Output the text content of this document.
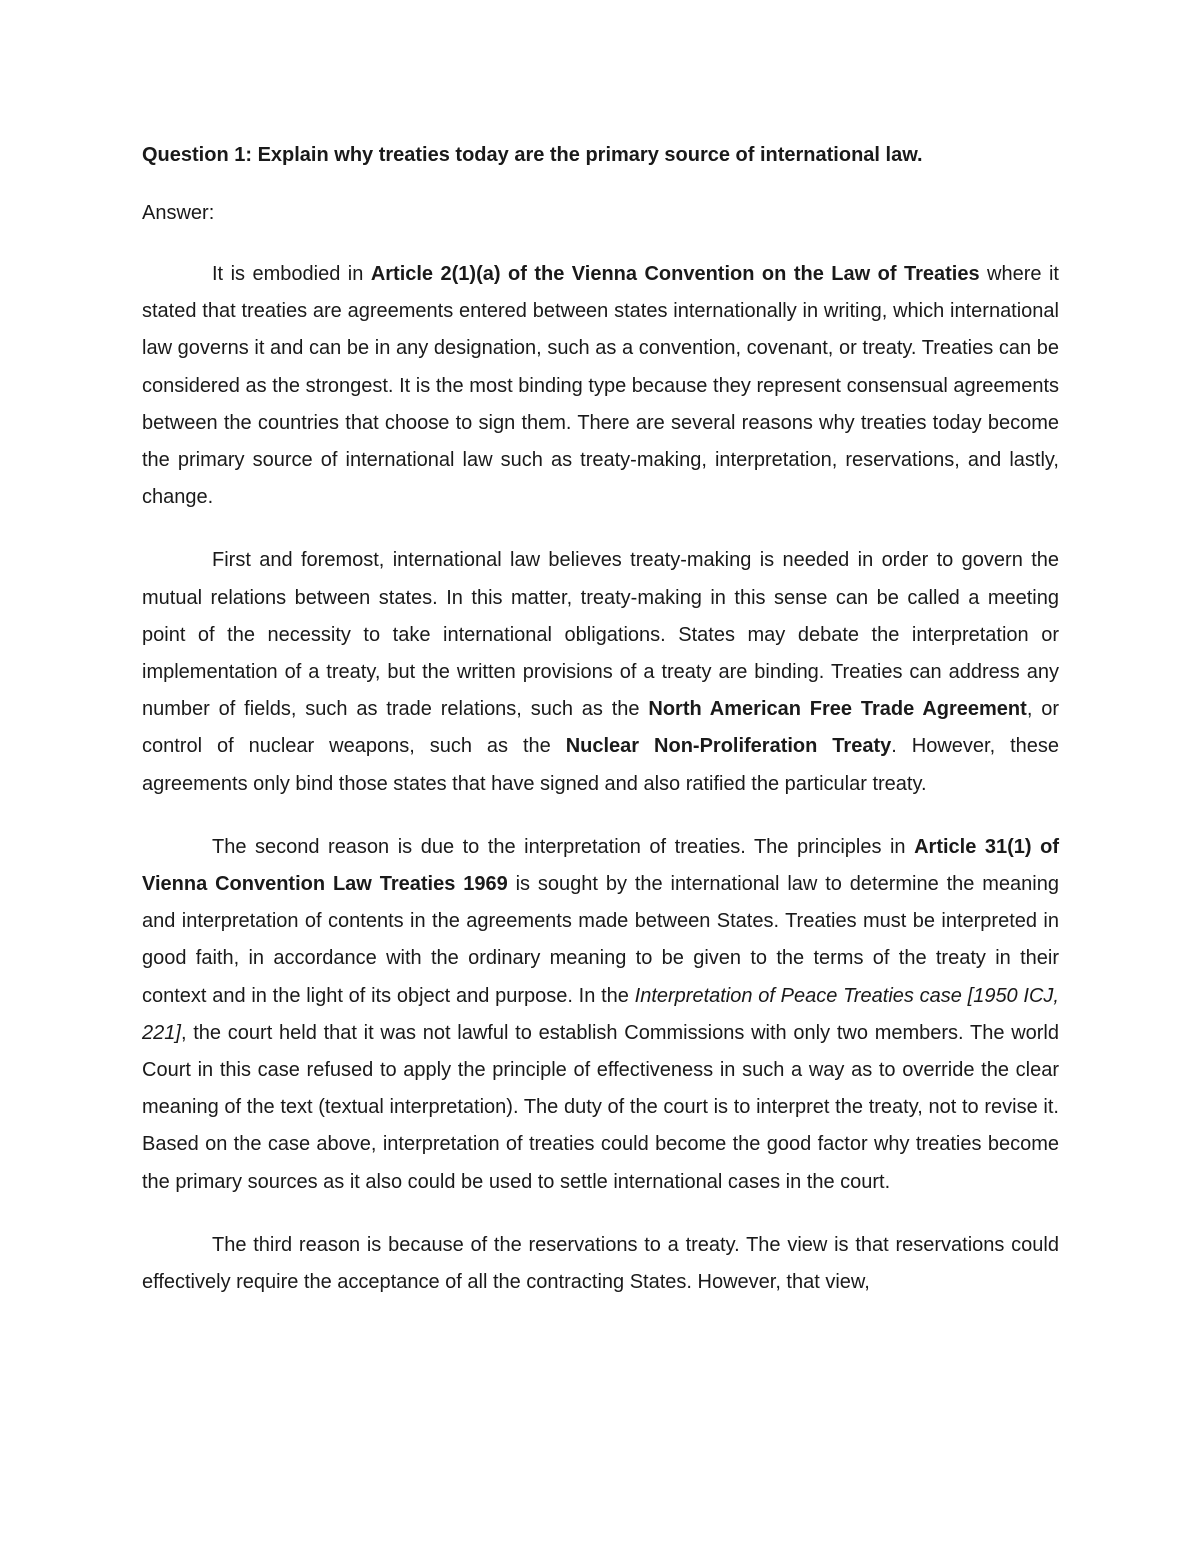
Question 1: Explain why treaties today are the primary source of international law.

Answer:

It is embodied in Article 2(1)(a) of the Vienna Convention on the Law of Treaties where it stated that treaties are agreements entered between states internationally in writing, which international law governs it and can be in any designation, such as a convention, covenant, or treaty. Treaties can be considered as the strongest. It is the most binding type because they represent consensual agreements between the countries that choose to sign them. There are several reasons why treaties today become the primary source of international law such as treaty-making, interpretation, reservations, and lastly, change.

First and foremost, international law believes treaty-making is needed in order to govern the mutual relations between states. In this matter, treaty-making in this sense can be called a meeting point of the necessity to take international obligations. States may debate the interpretation or implementation of a treaty, but the written provisions of a treaty are binding. Treaties can address any number of fields, such as trade relations, such as the North American Free Trade Agreement, or control of nuclear weapons, such as the Nuclear Non-Proliferation Treaty. However, these agreements only bind those states that have signed and also ratified the particular treaty.

The second reason is due to the interpretation of treaties. The principles in Article 31(1) of Vienna Convention Law Treaties 1969 is sought by the international law to determine the meaning and interpretation of contents in the agreements made between States. Treaties must be interpreted in good faith, in accordance with the ordinary meaning to be given to the terms of the treaty in their context and in the light of its object and purpose. In the Interpretation of Peace Treaties case [1950 ICJ, 221], the court held that it was not lawful to establish Commissions with only two members. The world Court in this case refused to apply the principle of effectiveness in such a way as to override the clear meaning of the text (textual interpretation). The duty of the court is to interpret the treaty, not to revise it. Based on the case above, interpretation of treaties could become the good factor why treaties become the primary sources as it also could be used to settle international cases in the court.

The third reason is because of the reservations to a treaty. The view is that reservations could effectively require the acceptance of all the contracting States. However, that view,
